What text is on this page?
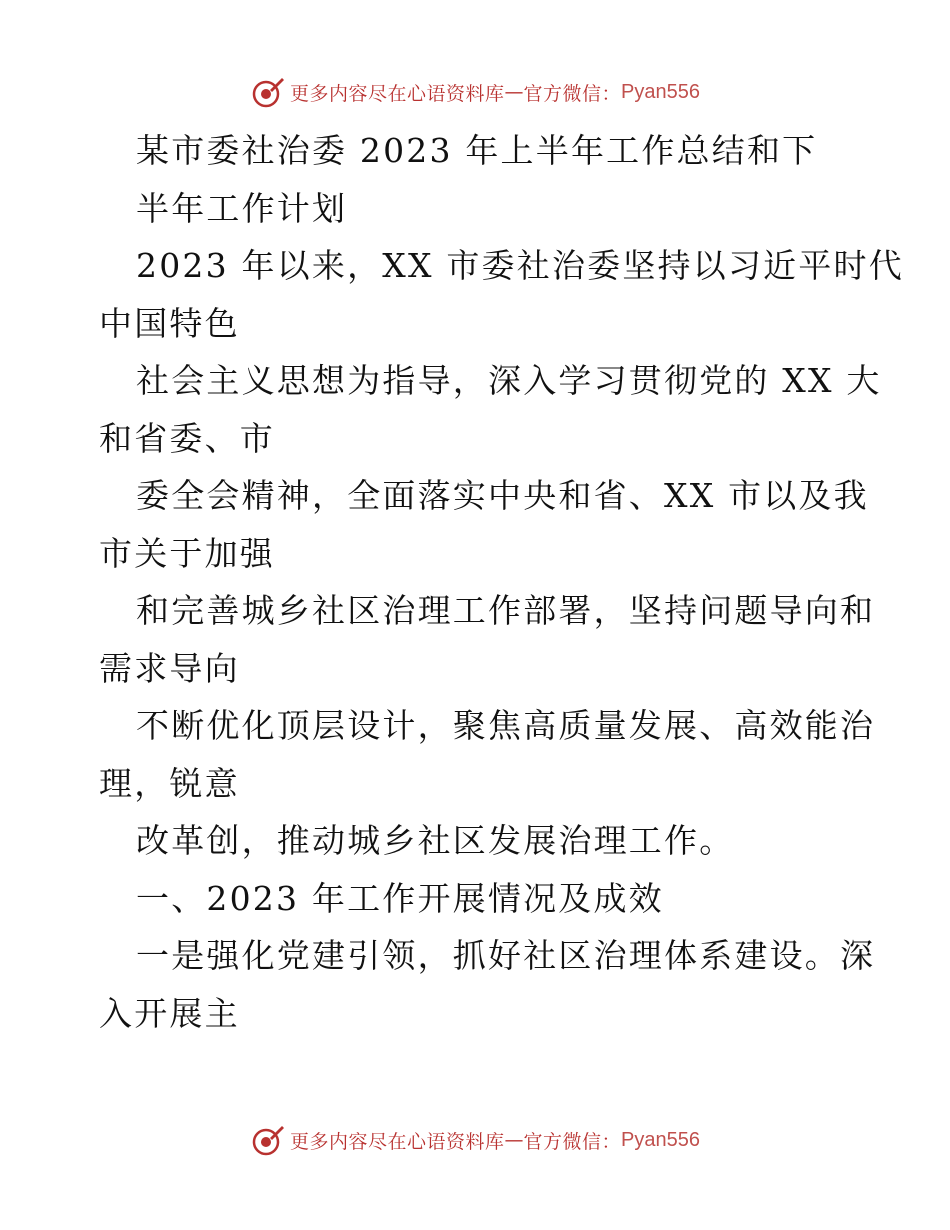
更多内容尽在心语资料库 — 官方微信： Pyan556
某市委社治委 2023 年上半年工作总结和下
半年工作计划
2023 年以来，XX 市委社治委坚持以习近平时代
中国特色
社会主义思想为指导，深入学习贯彻党的 XX 大
和省委、市
委全会精神，全面落实中央和省、XX 市以及我
市关于加强
和完善城乡社区治理工作部署，坚持问题导向和
需求导向
不断优化顶层设计，聚焦高质量发展、高效能治
理，锐意
改革创，推动城乡社区发展治理工作。
一、2023 年工作开展情况及成效
一是强化党建引领，抓好社区治理体系建设。深
入开展主
更多内容尽在心语资料库 — 官方微信： Pyan556
